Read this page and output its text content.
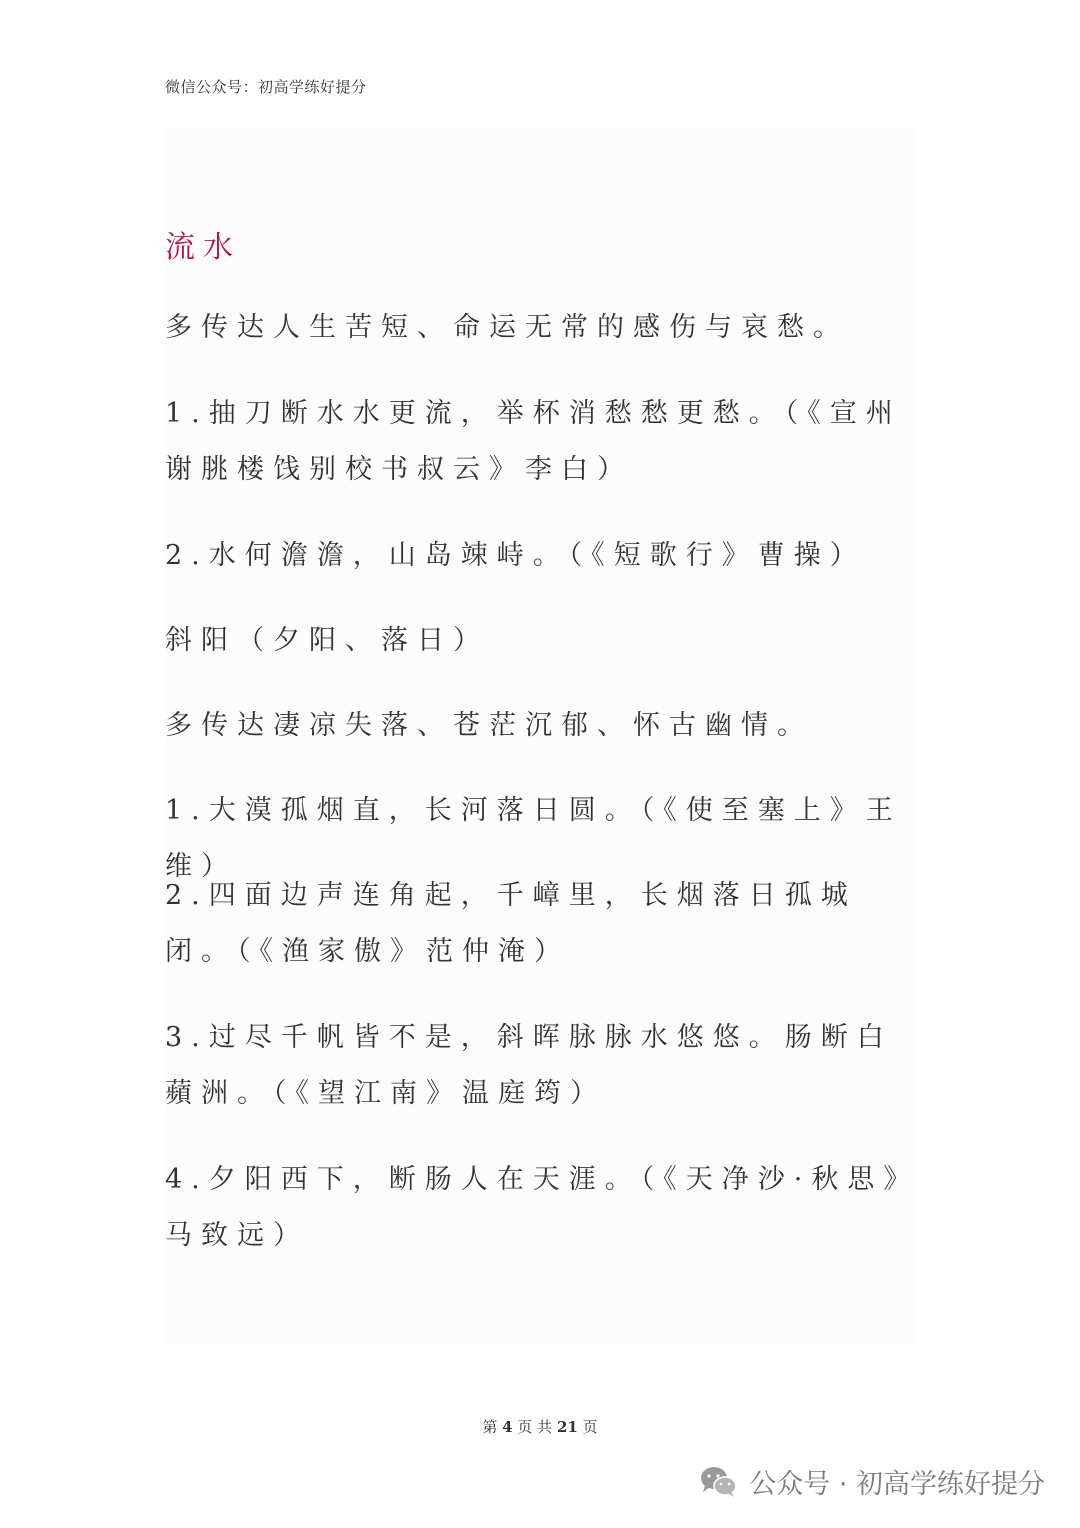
微信公众号：初高学练好提分
流水

多传达人生苦短、命运无常的感伤与哀愁。

1.抽刀断水水更流，举杯消愁愁更愁。（《宣州谢朓楼饯别校书叔云》李白）

2.水何澹澹，山岛竦峙。（《短歌行》曹操）

斜阳（夕阳、落日）

多传达凄凉失落、苍茫沉郁、怀古幽情。

1.大漠孤烟直，长河落日圆。（《使至塞上》王维）

2.四面边声连角起，千嶂里，长烟落日孤城闭。（《渔家傲》范仲淹）

3.过尽千帆皆不是，斜晖脉脉水悠悠。肠断白蘋洲。（《望江南》温庭筠）

4.夕阳西下，断肠人在天涯。（《天净沙·秋思》马致远）

第 4 页 共 21 页
公众号 · 初高学练好提分
